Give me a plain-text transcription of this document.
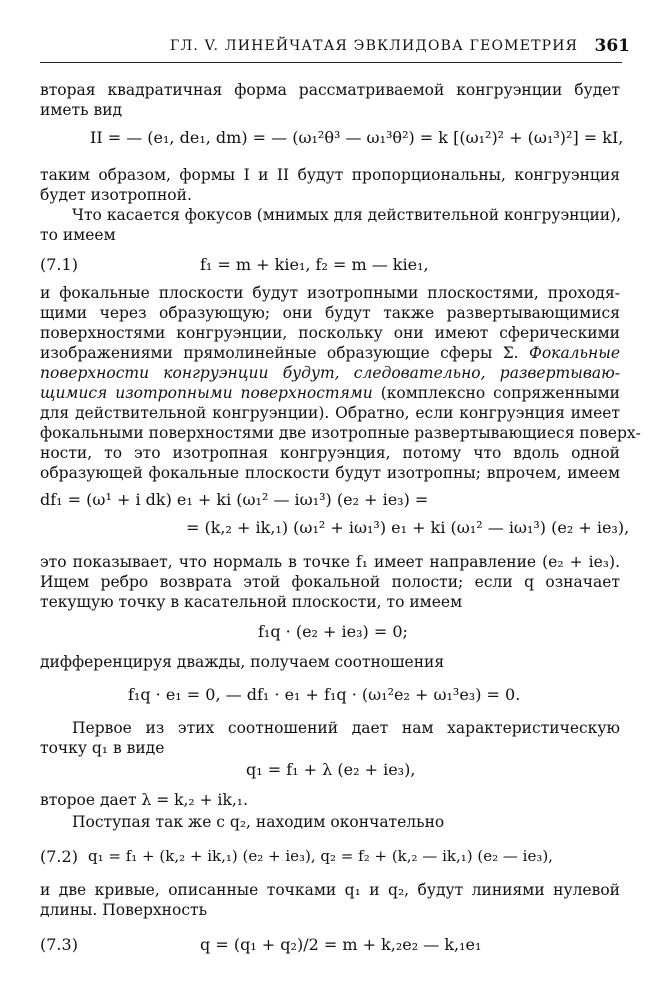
ГЛ. V. ЛИНЕЙЧАТАЯ ЭВКЛИДОВА ГЕОМЕТРИЯ 361
вторая квадратичная форма рассматриваемой конгруэнции будет
иметь вид
II = — (e₁, de₁, dm) = — (ω₁²θ³ — ω₁³θ²) = k [(ω₁²)² + (ω₁³)²] = kI,
таким образом, формы I и II будут пропорциональны, конгруэнция
будет изотропной.
Что касается фокусов (мнимых для действительной конгруэнции),
то имеем
(7.1)	f₁ = m + kie₁, f₂ = m — kie₁,
и фокальные плоскости будут изотропными плоскостями, проходя-
щими через образующую; они будут также развертывающимися
поверхностями конгруэнции, поскольку они имеют сферическими
изображениями прямолинейные образующие сферы Σ. Фокальные
поверхности конгруэнции будут, следовательно, развертываю-
щимися изотропными поверхностями (комплексно сопряженными
для действительной конгруэнции). Обратно, если конгруэнция имеет
фокальными поверхностями две изотропные развертывающиеся поверх-
ности, то это изотропная конгруэнция, потому что вдоль одной
образующей фокальные плоскости будут изотропны; впрочем, имеем
df₁ = (ω¹ + i dk) e₁ + ki (ω₁² — iω₁³) (e₂ + ie₃) =
= (k,₂ + ik,₁) (ω₁² + iω₁³) e₁ + ki (ω₁² — iω₁³) (e₂ + ie₃),
это показывает, что нормаль в точке f₁ имеет направление (e₂ + ie₃).
Ищем ребро возврата этой фокальной полости; если q означает
текущую точку в касательной плоскости, то имеем
f₁q · (e₂ + ie₃) = 0;
дифференцируя дважды, получаем соотношения
f₁q · e₁ = 0, — df₁ · e₁ + f₁q · (ω₁²e₂ + ω₁³e₃) = 0.
Первое из этих соотношений дает нам характеристическую
точку q₁ в виде
q₁ = f₁ + λ (e₂ + ie₃),
второе дает λ = k,₂ + ik,₁.
Поступая так же с q₂, находим окончательно
(7.2) q₁ = f₁ + (k,₂ + ik,₁) (e₂ + ie₃), q₂ = f₂ + (k,₂ — ik,₁) (e₂ — ie₃),
и две кривые, описанные точками q₁ и q₂, будут линиями нулевой
длины. Поверхность
(7.3)	q = (q₁ + q₂)/2 = m + k,₂e₂ — k,₁e₁
